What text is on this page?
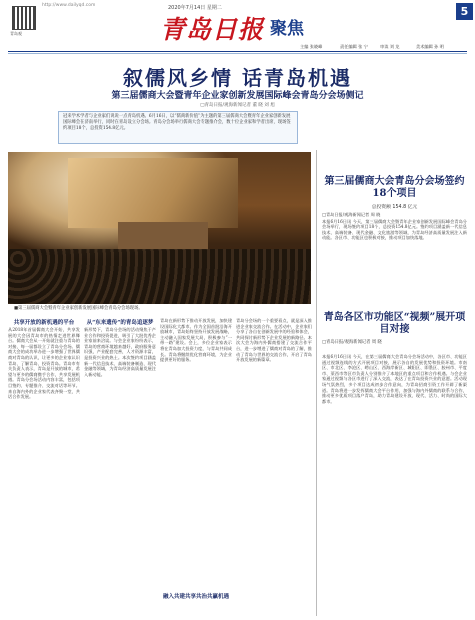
http://www.dailyqd.com
青岛观
2020年7月14日 星期二
青岛日报 聚焦
5
主编 张晓峰	责任编辑 张 宁	审读 刘 龙	美术编辑 孙 明
叙儒风乡情 话青岛机遇
第三届儒商大会暨青年企业家创新发展国际峰会青岛分会场侧记
□青岛日报/观海新闻记者 董 晓 刘 旭
冠来学术学者与企业家们说说一点青岛机遇。6月16日，以“儒商新价值”为主题的第三届儒商大会暨青年企业家创新发展国际峰会在济南举行，同时在青岛设立分会场。青岛分会场举行儒商大会专题推介会，数十位企业家和学者出席，现场签约项目18个，总投资154.8亿元。
■第三届儒商大会暨青年企业家创新发展国际峰会青岛分会场现场。
共享开放的新机遇的平台
从2018年首届儒商大会开始，共享发展的大会因青岛市的热情走进世界舞台。儒商大会从一开始就注重与青岛的对接，每一届都设立了青岛分会场。儒商大会的成功举办进一步增强了世界儒商对青岛的认识，让更多的企业家认识青岛、了解青岛、投资青岛。青岛市有关负责人表示，青岛是开放的城市，希望与更多的儒商携手合作，共享发展机遇。青岛分会场活动内容丰富，包括项目签约、专题推介、交流对话等环节。来自海内外的企业家代表齐聚一堂，共话合作发展。
从“东来遗传”的青岛追逐梦
新形势下，青岛分会场的活动聚焦于产业合作和投资促进，吸引了大批优秀企业家前来洽谈。与会企业家纷纷表示，青岛的营商环境越来越好，政府服务意识强，产业配套完善，人才资源丰富，是投资兴业的热土。本次签约项目涵盖新一代信息技术、高端装备制造、现代金融等领域，为青岛经济高质量发展注入新动能。
青岛在新形势下推动开放发展，加快建设国际化大都市。作为全国首批沿海开放城市，青岛始终坚持开放发展战略，主动融入国家发展大局，积极参与“一带一路”建设。会上，多位企业家表示将在青岛加大投资力度，与青岛共同成长。青岛将继续优化营商环境，为企业提供更好的服务。
融入共建共享共治共赢机遇
青岛分会场的一个重要看点，就是深入推进企业家交流合作。在活动中，企业家们分享了各自在创新发展中的经验和体会，共同探讨新形势下企业发展的新路径。本次大会为海内外儒商搭建了交流合作平台，进一步增进了儒商对青岛的了解，推动了青岛与世界的交流合作，开启了青岛开放发展的新篇章。
第三届儒商大会青岛分会场签约18个项目
总投资额 154.8 亿元
□青岛日报/观海新闻记者 周 晓
本报6月16日讯 今天，第三届儒商大会暨青年企业家创新发展国际峰会青岛分会场举行，现场签约项目18个，总投资154.8亿元。签约项目涵盖新一代信息技术、高端装备、现代金融、文化旅游等领域，为青岛经济高质量发展注入新动能。各区市、功能区也积极对接，推动项目加快落地。
青岛各区市功能区“视频”展开项目对接
□青岛日报/观海新闻记者 周 晓
本报6月16日讯 今天，在第三届儒商大会青岛分会场活动中，各区市、功能区通过视频连线的方式开展项目对接，展示各自的发展优势和投资环境。市南区、市北区、李沧区、崂山区、西海岸新区、城阳区、即墨区、胶州市、平度市、莱西市等区市负责人分别推介了本地区的重点项目和合作机遇。与会企业家通过视频与各区市进行了深入交流，表达了在青岛投资兴业的意愿。活动现场气氛热烈，多个项目达成初步合作意向，为青岛招商引资工作开辟了新渠道。青岛将进一步发挥儒商大会平台作用，加强与海内外儒商的联系与合作，推动更多优质项目落户青岛，助力青岛建设开放、现代、活力、时尚的国际大都市。
